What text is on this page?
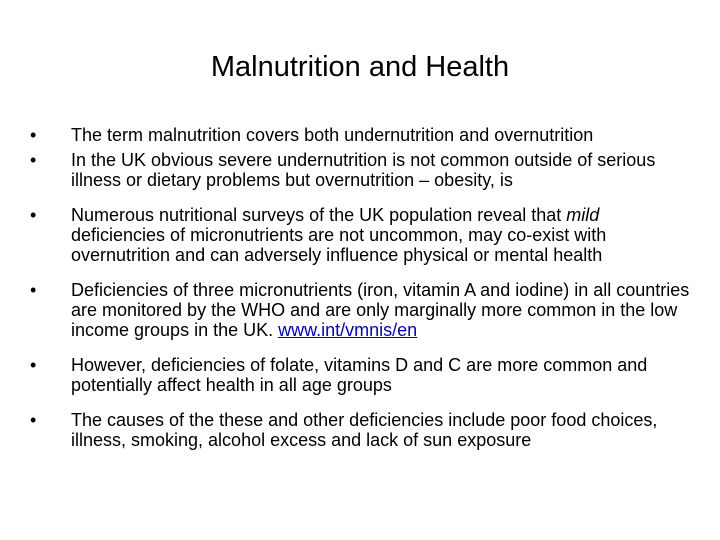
Malnutrition and Health
•	The term malnutrition covers both undernutrition and overnutrition
•	In the UK obvious severe undernutrition is not common outside of serious illness or dietary problems but overnutrition – obesity, is
•	Numerous nutritional surveys of the UK population reveal that mild deficiencies of micronutrients are not uncommon, may co-exist with overnutrition and can adversely influence physical or mental health
•	Deficiencies of three micronutrients (iron, vitamin A and iodine) in all countries are monitored by the WHO and are only marginally more common in the low income groups in the UK. www.int/vmnis/en
•	However, deficiencies of folate, vitamins D and C are more common and potentially affect health in all age groups
•	The causes of the these and other deficiencies include poor food choices, illness, smoking, alcohol excess and lack of sun exposure
